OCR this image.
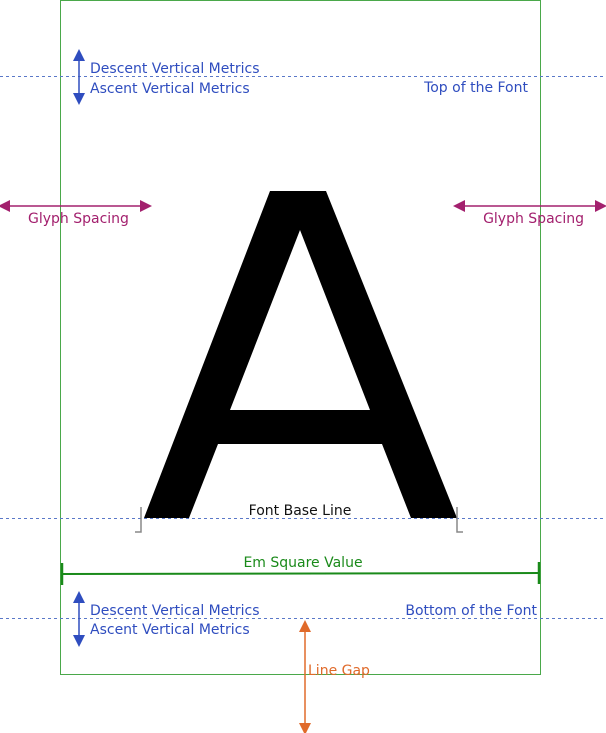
Descent Vertical Metrics
Ascent Vertical Metrics	Top of the Font
Glyph Spacing	Glyph Spacing
Font Base Line
Em Square Value
Descent Vertical Metrics
Ascent Vertical Metrics
Bottom of the Font
Line Gap
